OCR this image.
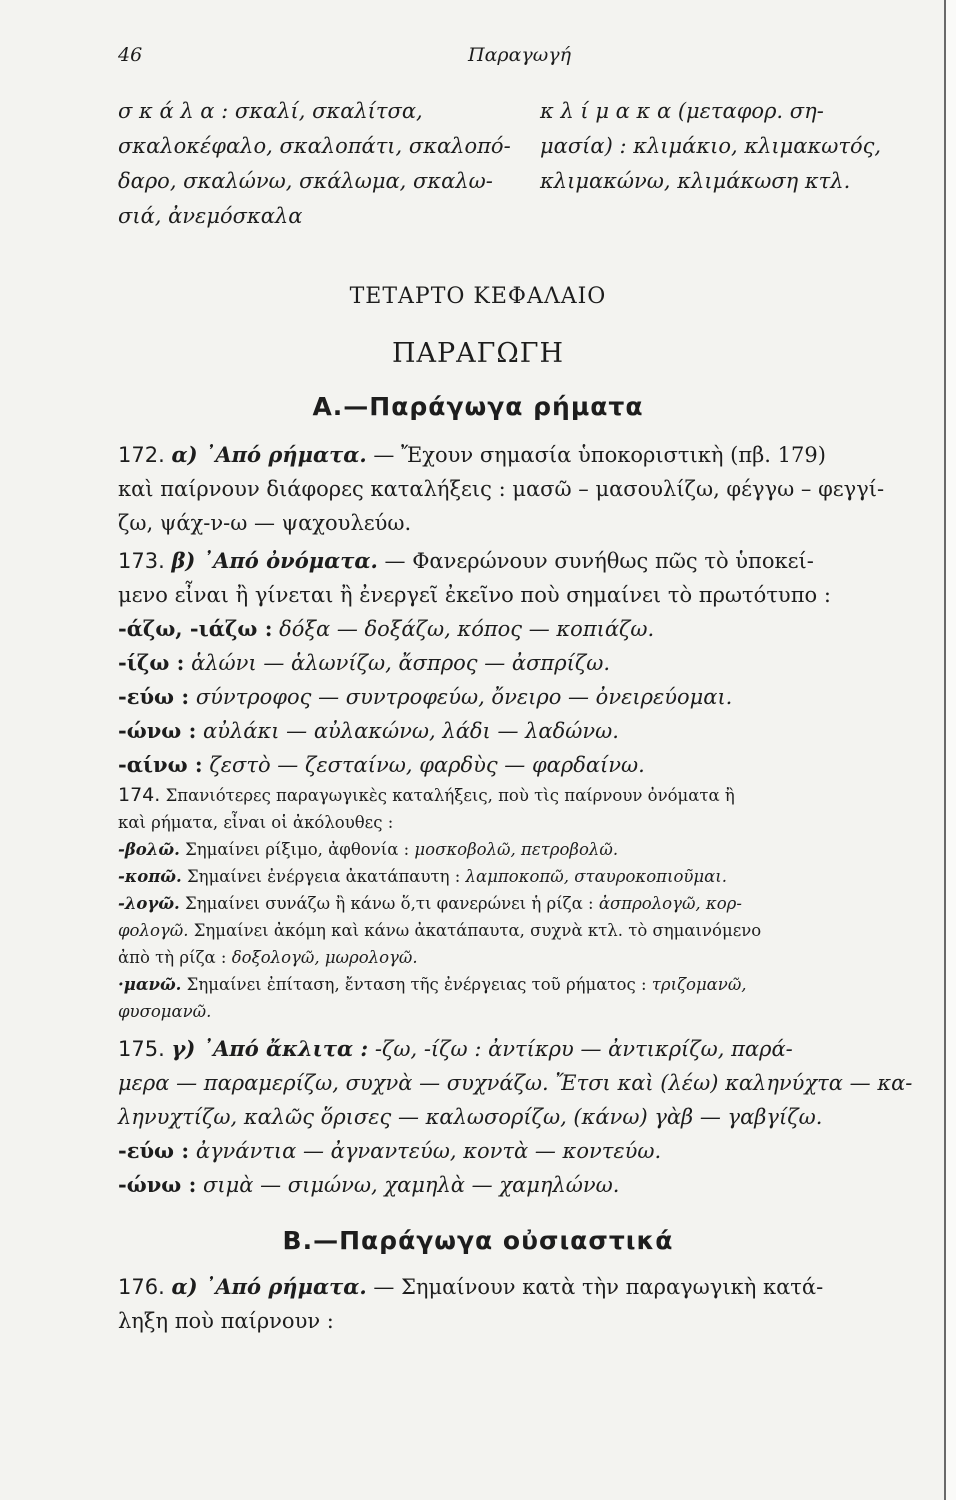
46	Παραγωγή
σ κ ά λ α : σκαλί, σκαλίτσα,
σκαλοκέφαλο, σκαλοπάτι, σκαλοπό-
δαρο, σκαλώνω, σκάλωμα, σκαλω-
σιά, ἀνεμόσκαλα
κ λ ί μ α κ α (μεταφορ. ση-
μασία) : κλιμάκιο, κλιμακωτός,
κλιμακώνω, κλιμάκωση κτλ.
ΤΕΤΑΡΤΟ ΚΕΦΑΛΑΙΟ
ΠΑΡΑΓΩΓΗ
Α.—Παράγωγα ρήματα
172. α) ᾿Από ρήματα. — Ἔχουν σημασία ὑποκοριστικὴ (πβ. 179)
καὶ παίρνουν διάφορες καταλήξεις : μασῶ – μασουλίζω, φέγγω – φεγγί-
ζω, ψάχ-ν-ω — ψαχουλεύω.
173. β) ᾿Από ὀνόματα. — Φανερώνουν συνήθως πῶς τὸ ὑποκεί-
μενο εἶναι ἢ γίνεται ἢ ἐνεργεῖ ἐκεῖνο ποὺ σημαίνει τὸ πρωτότυπο :
-άζω, -ιάζω : δόξα — δοξάζω, κόπος — κοπιάζω.
-ίζω : ἁλώνι — ἁλωνίζω, ἄσπρος — ἀσπρίζω.
-εύω : σύντροφος — συντροφεύω, ὄνειρο — ὀνειρεύομαι.
-ώνω : αὐλάκι — αὐλακώνω, λάδι — λαδώνω.
-αίνω : ζεστὸ — ζεσταίνω, φαρδὺς — φαρδαίνω.
174. Σπανιότερες παραγωγικὲς καταλήξεις, ποὺ τὶς παίρνουν ὀνόματα ἢ
καὶ ρήματα, εἶναι οἱ ἀκόλουθες :
-βολῶ. Σημαίνει ρίξιμο, ἀφθονία : μοσκοβολῶ, πετροβολῶ.
-κοπῶ. Σημαίνει ἐνέργεια ἀκατάπαυτη : λαμποκοπῶ, σταυροκοπιοῦμαι.
-λογῶ. Σημαίνει συνάζω ἢ κάνω ὅ,τι φανερώνει ἡ ρίζα : ἀσπρολογῶ, κορ-
φολογῶ. Σημαίνει ἀκόμη καὶ κάνω ἀκατάπαυτα, συχνὰ κτλ. τὸ σημαινόμενο
ἀπὸ τὴ ρίζα : δοξολογῶ, μωρολογῶ.
·μανῶ. Σημαίνει ἐπίταση, ἔνταση τῆς ἐνέργειας τοῦ ρήματος : τριζομανῶ,
φυσομανῶ.
175. γ) ᾿Από ἄκλιτα : -ζω, -ίζω : ἀντίκρυ — ἀντικρίζω, παρά-
μερα — παραμερίζω, συχνὰ — συχνάζω. Ἔτσι καὶ (λέω) καληνύχτα — κα-
ληνυχτίζω, καλῶς ὅρισες — καλωσορίζω, (κάνω) γὰβ — γαβγίζω.
-εύω : ἀγνάντια — ἀγναντεύω, κοντὰ — κοντεύω.
-ώνω : σιμὰ — σιμώνω, χαμηλὰ — χαμηλώνω.
Β.—Παράγωγα οὐσιαστικά
176. α) ᾿Από ρήματα. — Σημαίνουν κατὰ τὴν παραγωγικὴ κατά-
ληξη ποὺ παίρνουν :
